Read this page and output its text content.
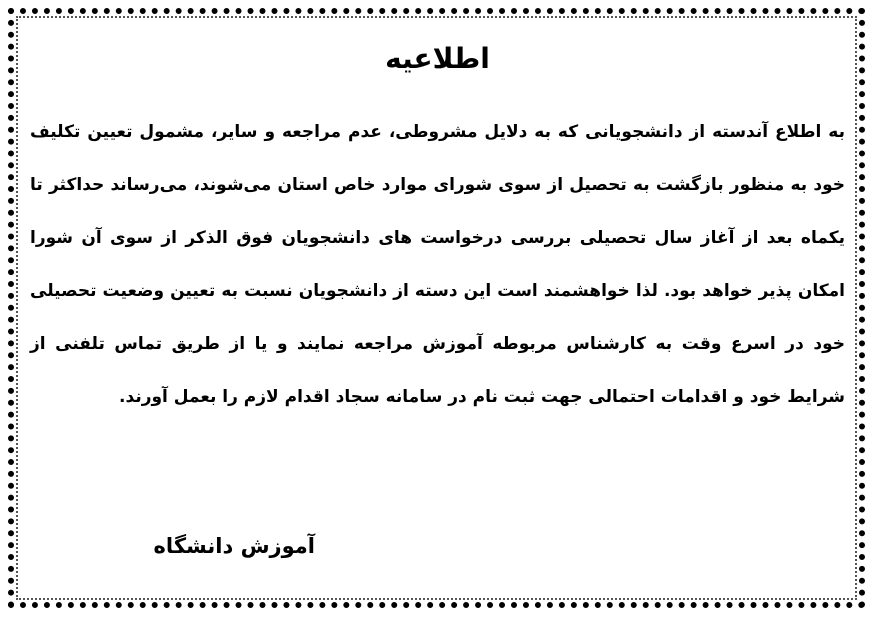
اطلاعیه

به اطلاع آندسته از دانشجویانی که به دلایل مشروطی، عدم مراجعه و سایر، مشمول تعیین تکلیف خود به منظور بازگشت به تحصیل از سوی شورای موارد خاص استان می‌شوند، می‌رساند حداکثر تا یکماه بعد از آغاز سال تحصیلی بررسی درخواست های دانشجویان فوق الذکر از سوی آن شورا امکان پذیر خواهد بود. لذا خواهشمند است این دسته از دانشجویان نسبت به تعیین وضعیت تحصیلی خود در اسرع وقت به کارشناس مربوطه آموزش مراجعه نمایند و یا از طریق تماس تلفنی از شرایط خود و اقدامات احتمالی جهت ثبت نام در سامانه سجاد اقدام لازم را بعمل آورند.

آموزش دانشگاه
